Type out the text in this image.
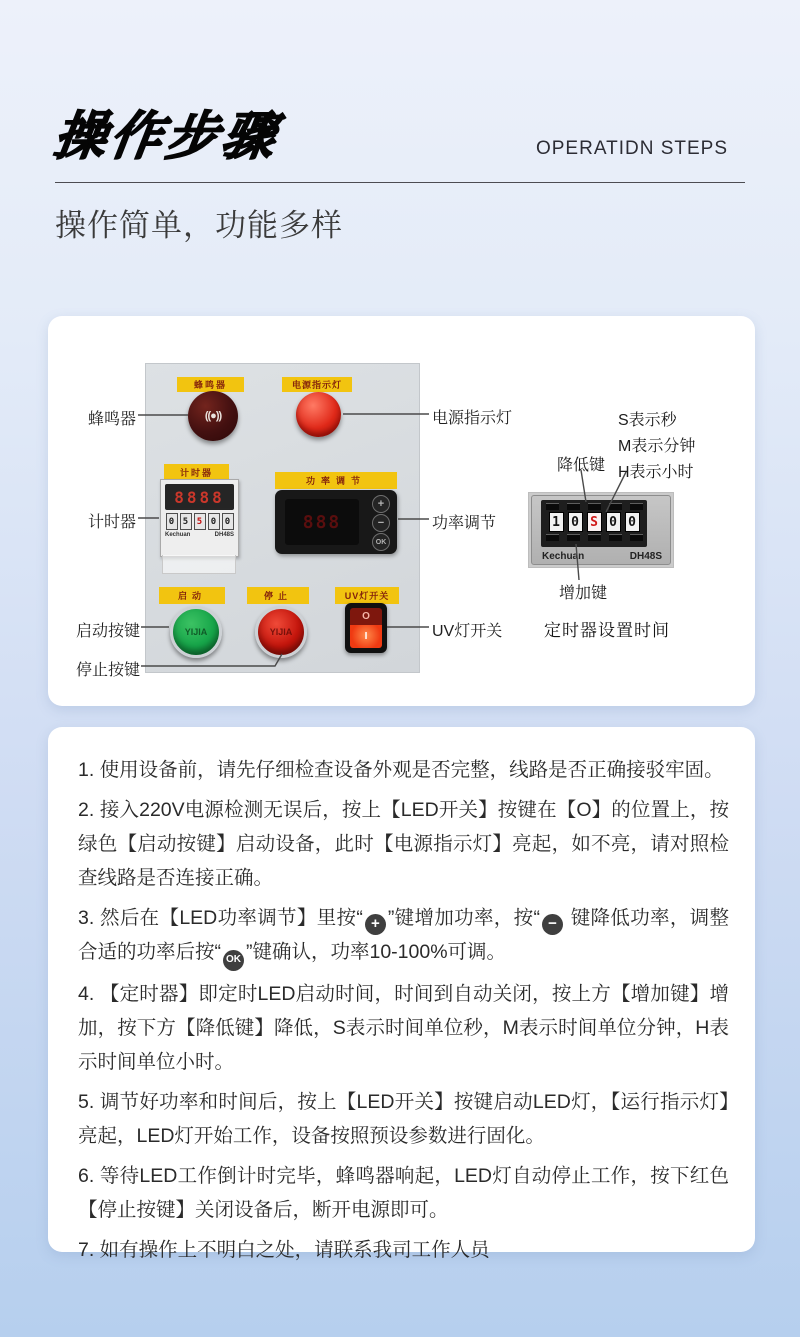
操作步骤	OPERATIDN STEPS
操作简单，功能多样
蜂鸣器
((●))
电源指示灯
计时器
8888
0 5 5 0 0
Kechuan	DH48S
功率调节
888
+
−
OK
启动
YIJIA
停止
YIJIA
UV灯开关
O
I
蜂鸣器	电源指示灯
计时器	功率调节
启动按键
停止按键
UV灯开关
1 0 S 0 0
Kechuan	DH48S
S表示秒
M表示分钟
H表示小时
降低键
增加键
定时器设置时间

1. 使用设备前，请先仔细检查设备外观是否完整，线路是否正确接驳牢固。

2. 接入220V电源检测无误后，按上【LED开关】按键在【O】的位置上，按绿色【启动按键】启动设备，此时【电源指示灯】亮起，如不亮，请对照检查线路是否连接正确。

3. 然后在【LED功率调节】里按“ + ”键增加功率，按“ − 键降低功率，调整合适的功率后按“ OK ”键确认，功率10-100%可调。

4. 【定时器】即定时LED启动时间，时间到自动关闭，按上方【增加键】增加，按下方【降低键】降低，S表示时间单位秒，M表示时间单位分钟，H表示时间单位小时。

5. 调节好功率和时间后，按上【LED开关】按键启动LED灯，【运行指示灯】亮起，LED灯开始工作，设备按照预设参数进行固化。

6. 等待LED工作倒计时完毕，蜂鸣器响起，LED灯自动停止工作，按下红色【停止按键】关闭设备后，断开电源即可。

7. 如有操作上不明白之处，请联系我司工作人员
